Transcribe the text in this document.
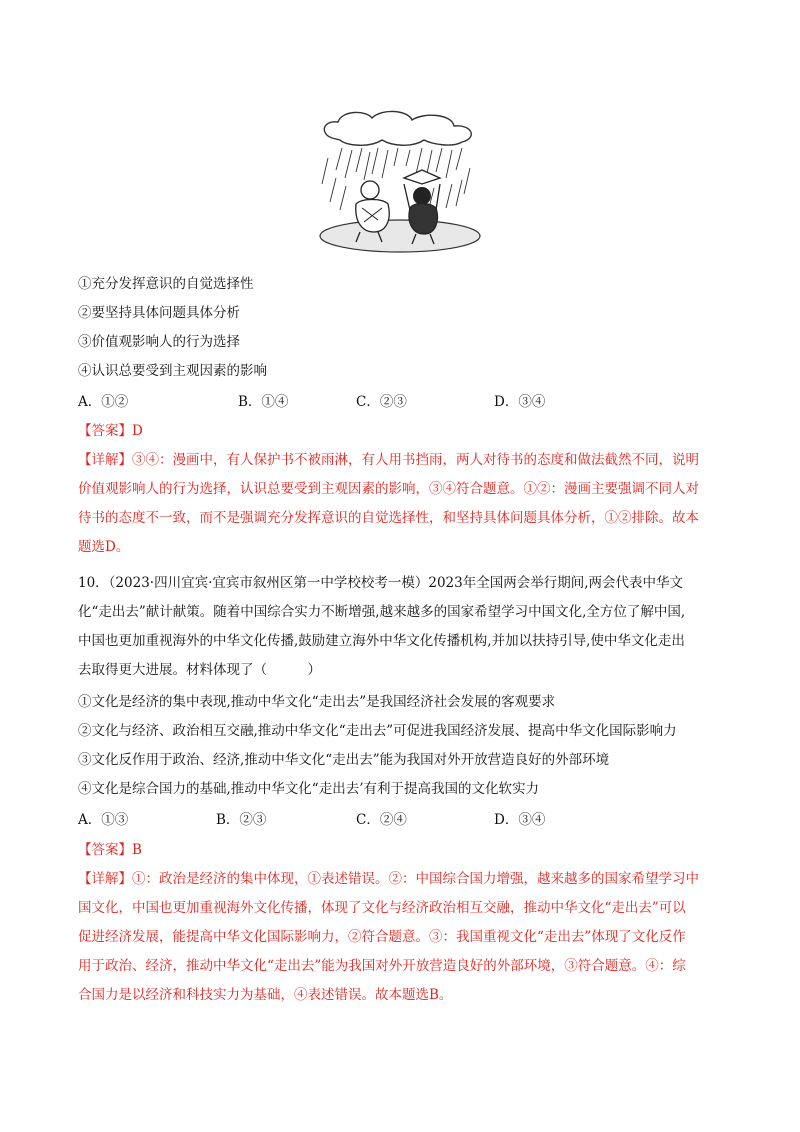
①充分发挥意识的自觉选择性
②要坚持具体问题具体分析
③价值观影响人的行为选择
④认识总要受到主观因素的影响
A．①②	B．①④	C．②③	D．③④
【答案】D
【详解】③④：漫画中，有人保护书不被雨淋，有人用书挡雨，两人对待书的态度和做法截然不同，说明
价值观影响人的行为选择，认识总要受到主观因素的影响，③④符合题意。①②：漫画主要强调不同人对
待书的态度不一致，而不是强调充分发挥意识的自觉选择性，和坚持具体问题具体分析，①②排除。故本
题选D。
10．（2023·四川宜宾·宜宾市叙州区第一中学校校考一模）2023年全国两会举行期间,两会代表中华文
化“走出去”献计献策。随着中国综合实力不断增强,越来越多的国家希望学习中国文化,全方位了解中国,
中国也更加重视海外的中华文化传播,鼓励建立海外中华文化传播机构,并加以扶持引导,使中华文化走出
去取得更大进展。材料体现了（　　　）
①文化是经济的集中表现,推动中华文化“走出去”是我国经济社会发展的客观要求
②文化与经济、政治相互交融,推动中华文化“走出去”可促进我国经济发展、提高中华文化国际影响力
③文化反作用于政治、经济,推动中华文化“走出去”能为我国对外开放营造良好的外部环境
④文化是综合国力的基础,推动中华文化“走出去’有利于提高我国的文化软实力
A．①③	B．②③	C．②④	D．③④
【答案】B
【详解】①：政治是经济的集中体现，①表述错误。②：中国综合国力增强，越来越多的国家希望学习中
国文化，中国也更加重视海外文化传播，体现了文化与经济政治相互交融，推动中华文化“走出去”可以
促进经济发展，能提高中华文化国际影响力，②符合题意。③：我国重视文化“走出去”体现了文化反作
用于政治、经济，推动中华文化“走出去”能为我国对外开放营造良好的外部环境，③符合题意。④：综
合国力是以经济和科技实力为基础，④表述错误。故本题选B。
